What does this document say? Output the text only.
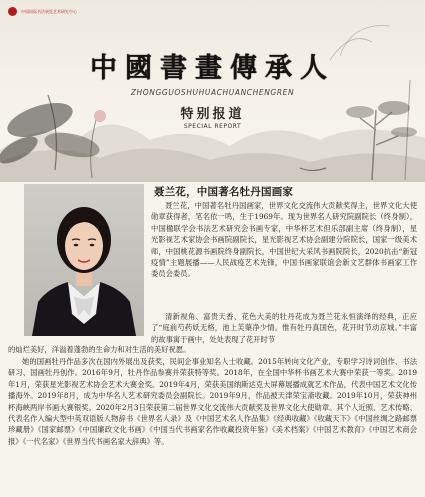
中国国际书法展览艺术研究中心
中國書畫傳承人
ZHONGGUOSHUHUACHUANCHENGREN
特别报道
SPECIAL REPORT
聂兰花，中国著名牡丹国画家

聂兰花，中国著名牡丹国画家，世界文化交流伟大贡献奖得主，世界文化大使勋章获得者，笔名依一鸣，生于1969年。现为世界名人研究院副院长（终身制），中国楹联学会书法艺术研究会书画专家，中华杯艺术但乐部副主席（终身制），星光影视艺术家协会书画院副院长，星光影视艺术协会副建分院院长，国家一级美术师，中国桃花源书画院终身副院长，中国世纪大采风书画院院长，2020抗击“新冠疫情”主题展播——人民战疫艺术先锋，中国书画家联谊会新文艺群体书画家工作委员会委员。

清新视角、富贵天香、花色大美的牡丹花成为聂兰花永恒演绎的经典，正应了“庭前芍药妖无格，池上芙蕖净少情。惟有牡丹真国色，花开时节动京城。”丰富的故事寓于画中，处处表现了花开时节

的灿烂美好，洋溢着蓬勃的生命力和对生活的美好祝愿。

她的国画牡丹作品多次在国内外展出及获奖，民间企事业知名人士收藏。2015年转向文化产业，专职学习诗词创作、书法研习、国画牡丹创作。2016年9月，牡丹作品参赛并荣获特等奖。2018年，在全国中华杯书画艺术大赛中荣获一等奖。2019年1月，荣获星光影视艺术协会艺术大赛金奖。2019年4月，荣获美国纳斯达克大屏幕展播成就艺术作品，代表中国艺术文化传播海外。2019年8月，成为中华名人艺术研究委员会副院长。2019年9月，作品被天津荣宝斋收藏。2019年10月，荣获神州杯海峡两岸书画大赛银奖。2020年2月3日荣获第二届世界文化交流伟大贡献奖及世界文化大使勋章。其个人近照、艺术传略、代表名作入编大型中英双语版人物辞书《世界名人录》及《中国艺术名人作品集》《经典收藏》《收藏天下》《中国丝绸之路邮票珍藏册》《国家邮票》《中国廉政文化书画》《中国当代书画家名作收藏投资年鉴》《美术档案》《中国艺术教育》《中国艺术商会报》《一代名家》《世界当代书画名家大辞典》等。
